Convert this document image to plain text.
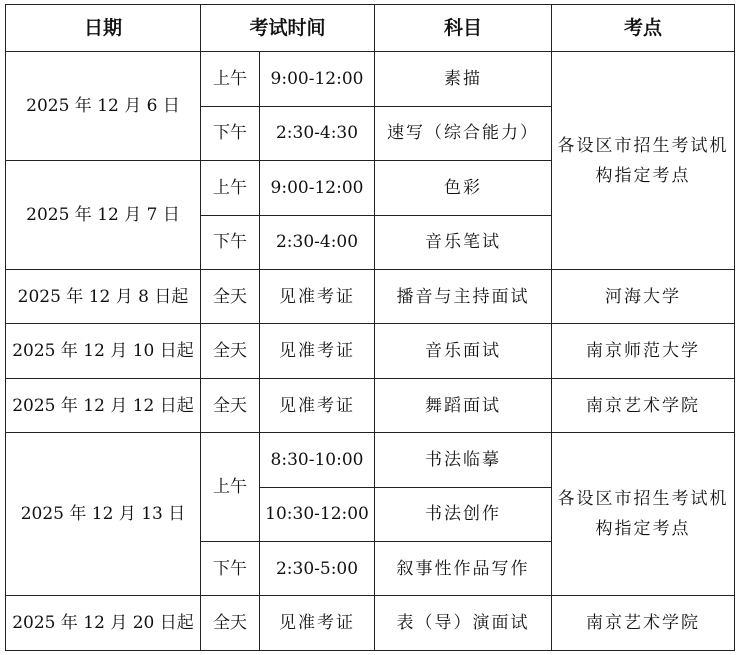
日期	考试时间		科目	考点
2025 年 12 月 6 日	上午	9:00-12:00	素描	各设区市招生考试机构指定考点
	下午	2:30-4:30	速写（综合能力）	
2025 年 12 月 7 日	上午	9:00-12:00	色彩	
	下午	2:30-4:00	音乐笔试	
2025 年 12 月 8 日起	全天	见准考证	播音与主持面试	河海大学
2025 年 12 月 10 日起	全天	见准考证	音乐面试	南京师范大学
2025 年 12 月 12 日起	全天	见准考证	舞蹈面试	南京艺术学院
2025 年 12 月 13 日	上午	8:30-10:00	书法临摹	各设区市招生考试机构指定考点
		10:30-12:00	书法创作	
	下午	2:30-5:00	叙事性作品写作	
2025 年 12 月 20 日起	全天	见准考证	表（导）演面试	南京艺术学院
